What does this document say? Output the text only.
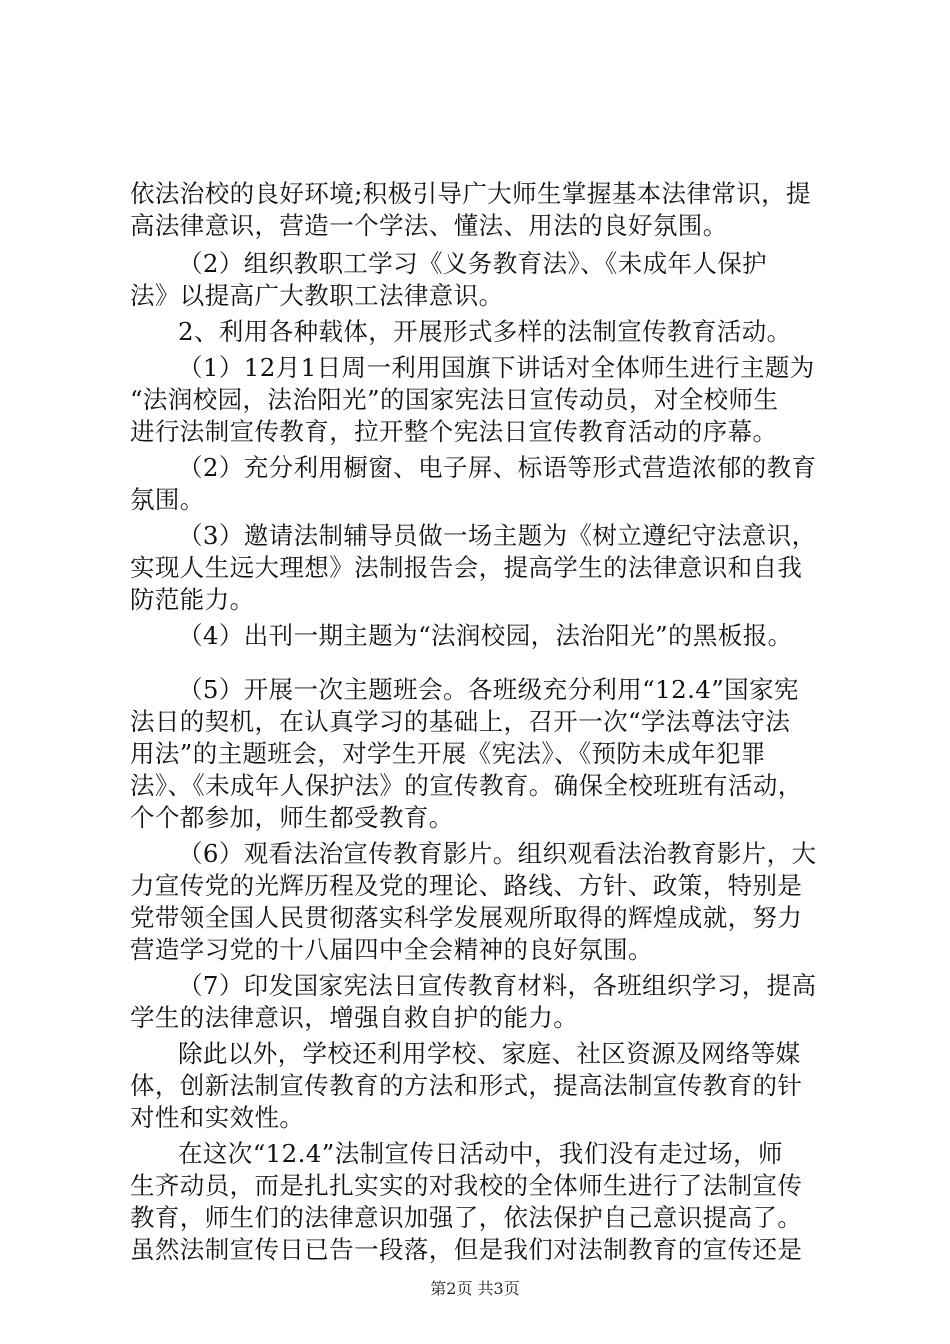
依法治校的良好环境;积极引导广大师生掌握基本法律常识，提
高法律意识，营造一个学法、懂法、用法的良好氛围。
（2）组织教职工学习《义务教育法》、《未成年人保护
法》以提高广大教职工法律意识。
2、利用各种载体，开展形式多样的法制宣传教育活动。
（1）12月1日周一利用国旗下讲话对全体师生进行主题为
“法润校园，法治阳光”的国家宪法日宣传动员，对全校师生
进行法制宣传教育，拉开整个宪法日宣传教育活动的序幕。
（2）充分利用橱窗、电子屏、标语等形式营造浓郁的教育
氛围。
（3）邀请法制辅导员做一场主题为《树立遵纪守法意识，
实现人生远大理想》法制报告会，提高学生的法律意识和自我
防范能力。
（4）出刊一期主题为“法润校园，法治阳光”的黑板报。
（5）开展一次主题班会。各班级充分利用“12.4”国家宪
法日的契机，在认真学习的基础上，召开一次“学法尊法守法
用法”的主题班会，对学生开展《宪法》、《预防未成年犯罪
法》、《未成年人保护法》的宣传教育。确保全校班班有活动，
个个都参加，师生都受教育。
（6）观看法治宣传教育影片。组织观看法治教育影片，大
力宣传党的光辉历程及党的理论、路线、方针、政策，特别是
党带领全国人民贯彻落实科学发展观所取得的辉煌成就，努力
营造学习党的十八届四中全会精神的良好氛围。
（7）印发国家宪法日宣传教育材料，各班组织学习，提高
学生的法律意识，增强自救自护的能力。
除此以外，学校还利用学校、家庭、社区资源及网络等媒
体，创新法制宣传教育的方法和形式，提高法制宣传教育的针
对性和实效性。
在这次“12.4”法制宣传日活动中，我们没有走过场，师
生齐动员，而是扎扎实实的对我校的全体师生进行了法制宣传
教育，师生们的法律意识加强了，依法保护自己意识提高了。
虽然法制宣传日已告一段落，但是我们对法制教育的宣传还是
第2页 共3页
